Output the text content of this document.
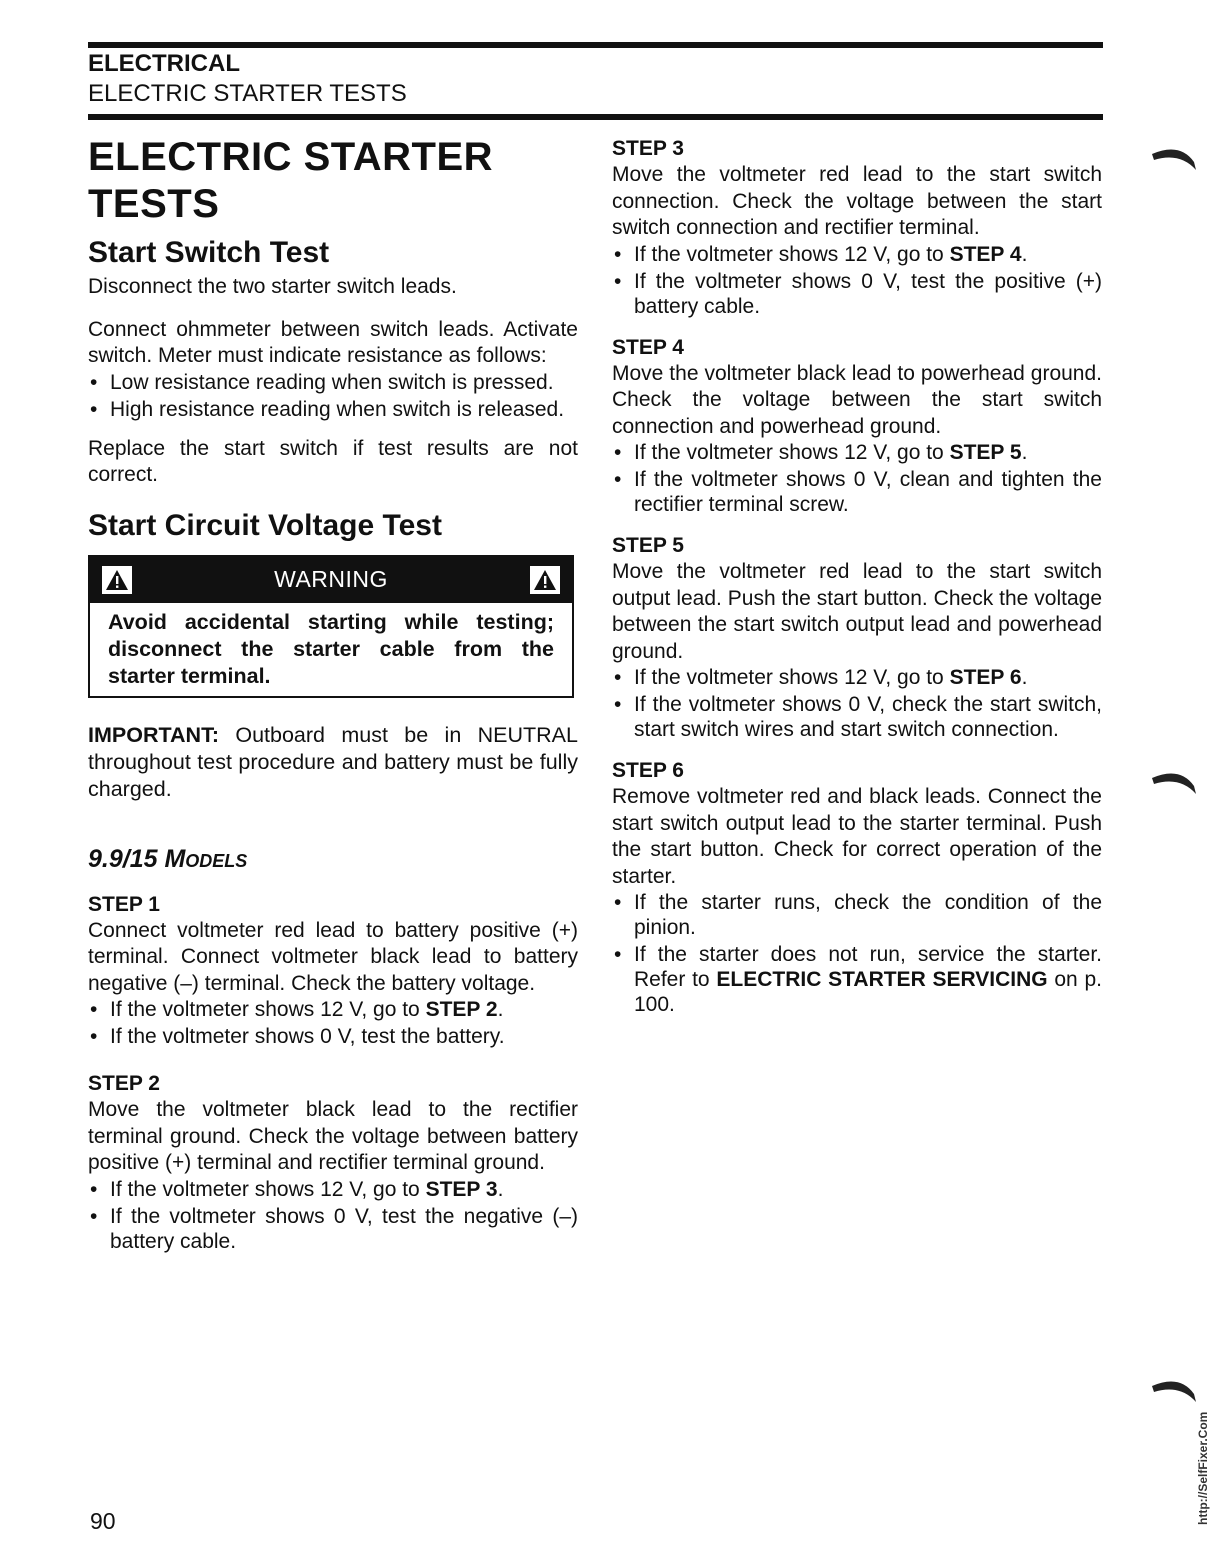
ELECTRICAL
ELECTRIC STARTER TESTS
ELECTRIC STARTER TESTS
Start Switch Test

Disconnect the two starter switch leads.

Connect ohmmeter between switch leads. Activate switch. Meter must indicate resistance as follows:

• Low resistance reading when switch is pressed.
• High resistance reading when switch is released.

Replace the start switch if test results are not correct.

Start Circuit Voltage Test
WARNING
Avoid accidental starting while testing; disconnect the starter cable from the starter terminal.

IMPORTANT: Outboard must be in NEUTRAL throughout test procedure and battery must be fully charged.

9.9/15 Models
STEP 1

Connect voltmeter red lead to battery positive (+) terminal. Connect voltmeter black lead to battery negative (–) terminal. Check the battery voltage.

• If the voltmeter shows 12 V, go to STEP 2.
• If the voltmeter shows 0 V, test the battery.
STEP 2

Move the voltmeter black lead to the rectifier terminal ground. Check the voltage between battery positive (+) terminal and rectifier terminal ground.

• If the voltmeter shows 12 V, go to STEP 3.
• If the voltmeter shows 0 V, test the negative (–) battery cable.
STEP 3

Move the voltmeter red lead to the start switch connection. Check the voltage between the start switch connection and rectifier terminal.

• If the voltmeter shows 12 V, go to STEP 4.
• If the voltmeter shows 0 V, test the positive (+) battery cable.
STEP 4

Move the voltmeter black lead to powerhead ground. Check the voltage between the start switch connection and powerhead ground.

• If the voltmeter shows 12 V, go to STEP 5.
• If the voltmeter shows 0 V, clean and tighten the rectifier terminal screw.
STEP 5

Move the voltmeter red lead to the start switch output lead. Push the start button. Check the voltage between the start switch output lead and powerhead ground.

• If the voltmeter shows 12 V, go to STEP 6.
• If the voltmeter shows 0 V, check the start switch, start switch wires and start switch connection.
STEP 6

Remove voltmeter red and black leads. Connect the start switch output lead to the starter terminal. Push the start button. Check for correct operation of the starter.

• If the starter runs, check the condition of the pinion.
• If the starter does not run, service the starter. Refer to ELECTRIC STARTER SERVICING on p. 100.
90	http://SelfFixer.Com
